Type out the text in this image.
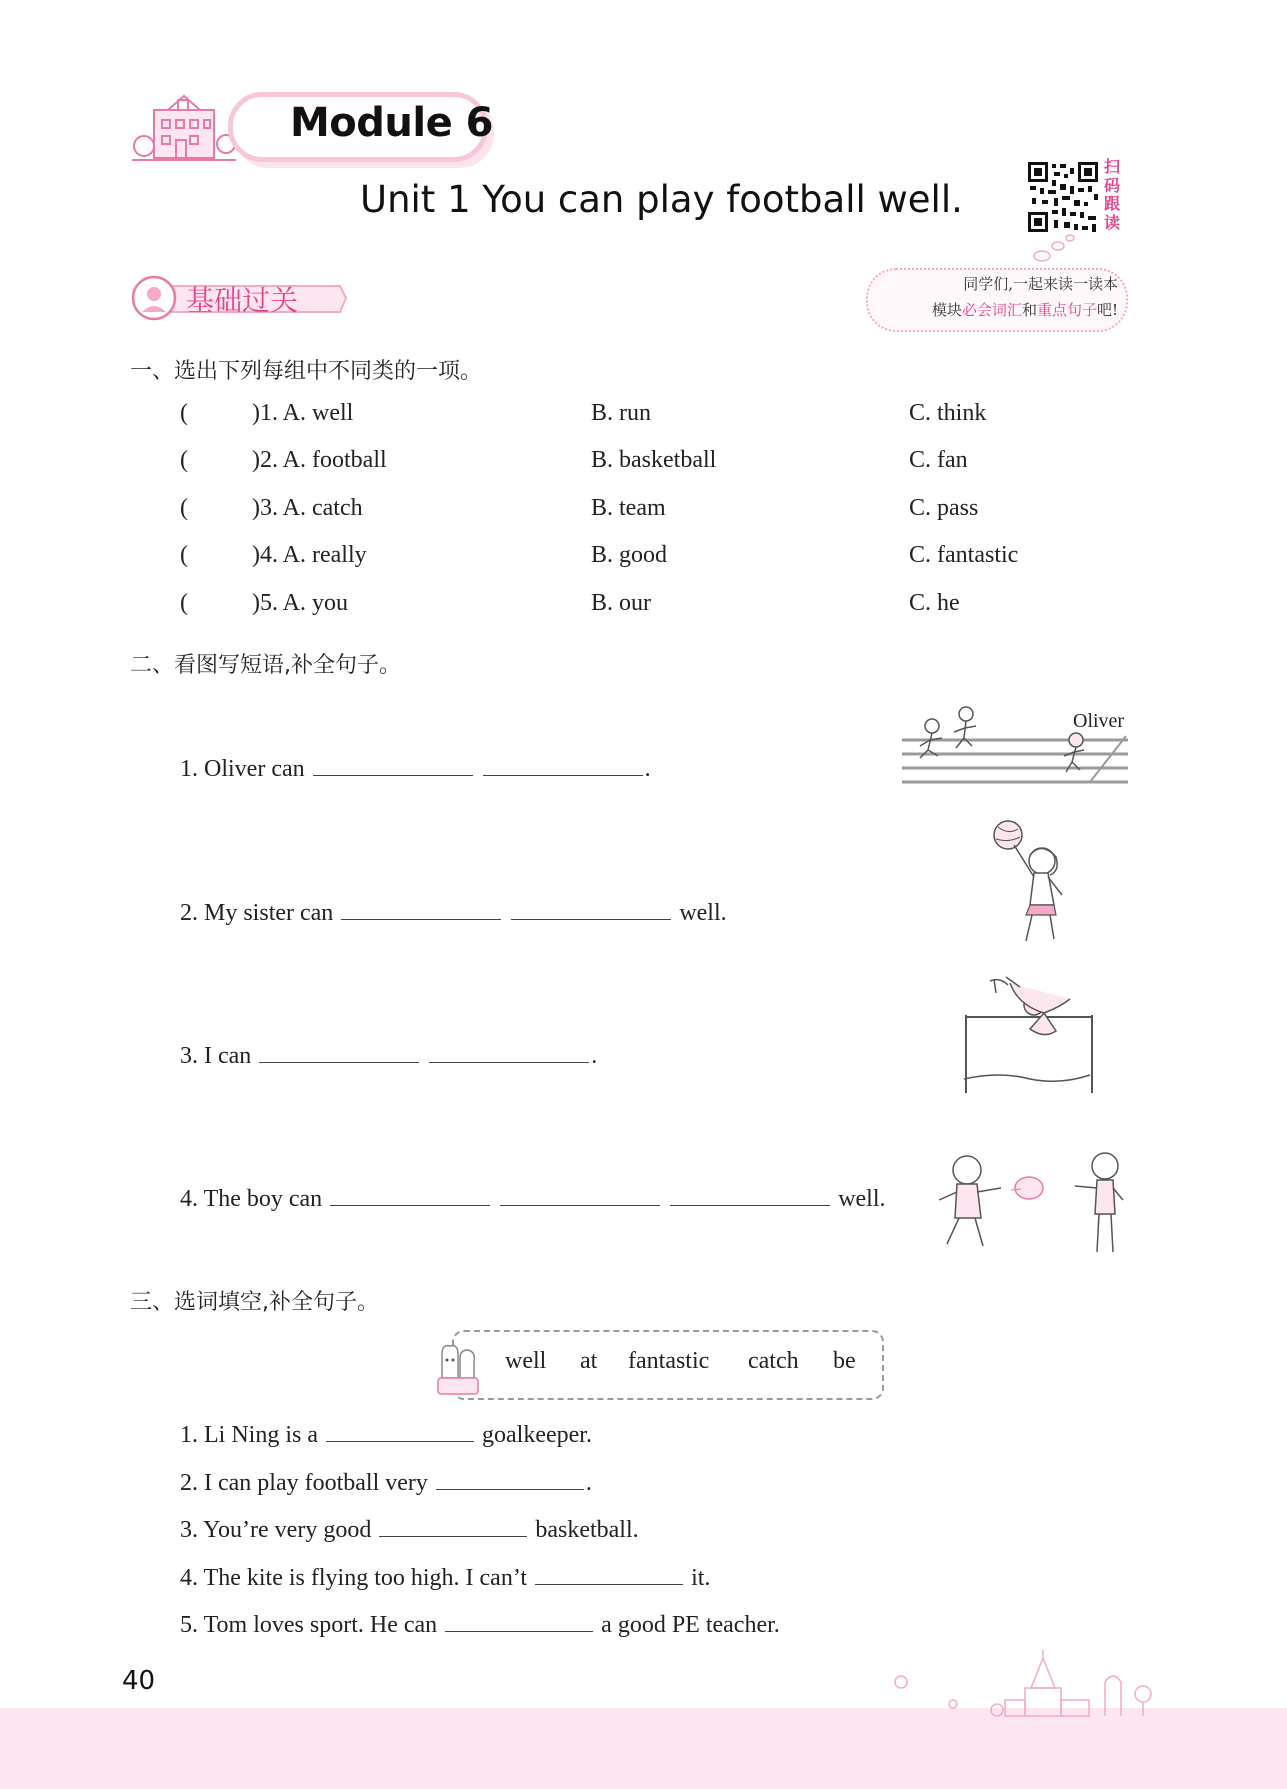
Module 6
Unit 1 You can play football well.
扫
码
跟
读
基础过关	同学们,一起来读一读本
模块必会词汇和重点句子吧!
一、选出下列每组中不同类的一项。
(	)1. A. well	B. run	C. think
(	)2. A. football	B. basketball	C. fan
(	)3. A. catch	B. team	C. pass
(	)4. A. really	B. good	C. fantastic
(	)5. A. you	B. our	C. he
二、看图写短语,补全句子。
1. Oliver can	.
2. My sister can	well.
3. I can	.
4. The boy can	well.
Oliver
三、选词填空,补全句子。
well at fantastic catch be
1. Li Ning is a	goalkeeper.
2. I can play football very	.
3. You’re very good	basketball.
4. The kite is flying too high. I can’t	it.
5. Tom loves sport. He can	a good PE teacher.
40
